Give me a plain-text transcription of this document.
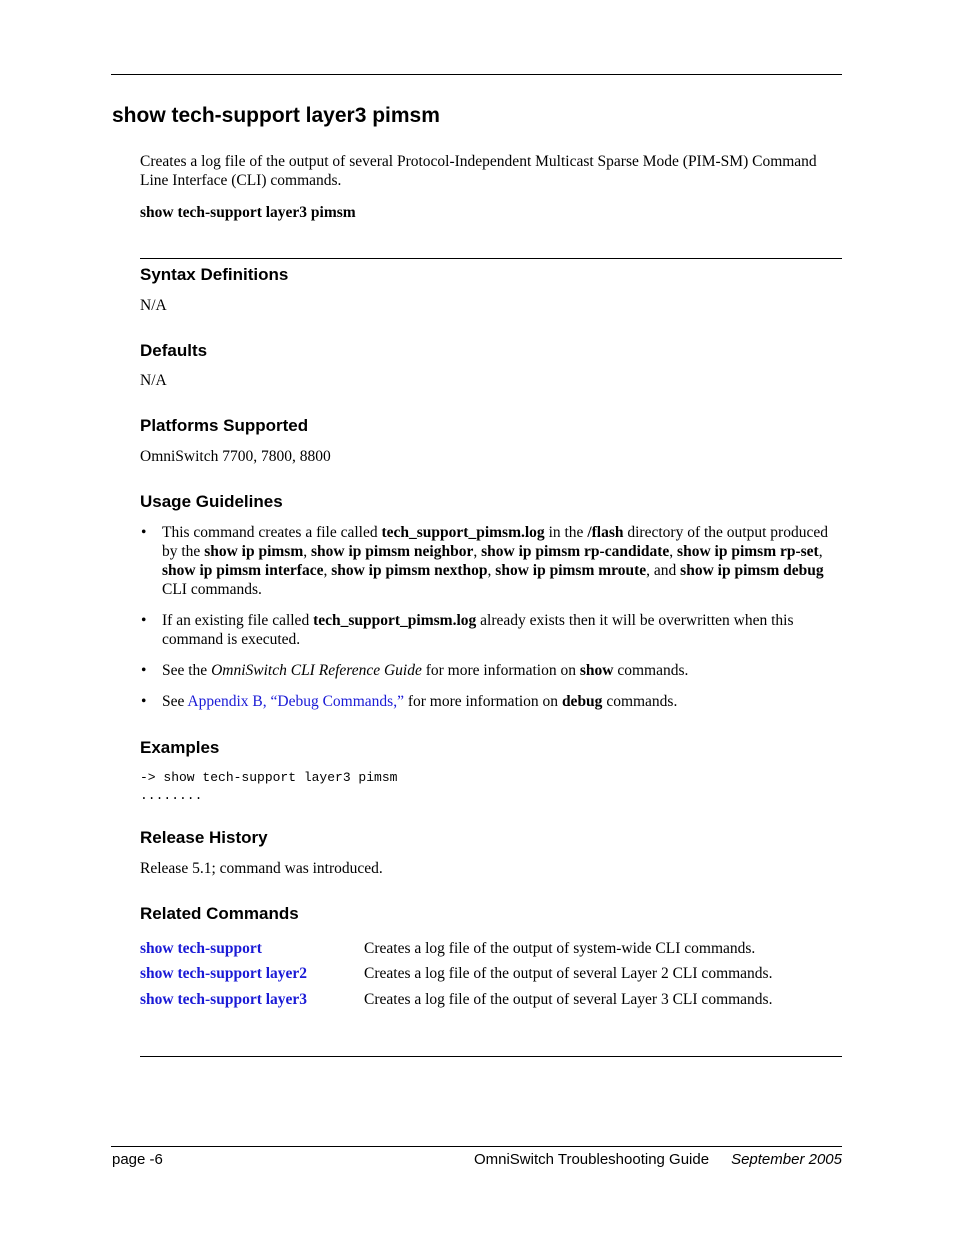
show tech-support layer3 pimsm
Creates a log file of the output of several Protocol-Independent Multicast Sparse Mode (PIM-SM) Command Line Interface (CLI) commands.
show tech-support layer3 pimsm
Syntax Definitions
N/A
Defaults
N/A
Platforms Supported
OmniSwitch 7700, 7800, 8800
Usage Guidelines
• This command creates a file called tech_support_pimsm.log in the /flash directory of the output produced by the show ip pimsm, show ip pimsm neighbor, show ip pimsm rp-candidate, show ip pimsm rp-set, show ip pimsm interface, show ip pimsm nexthop, show ip pimsm mroute, and show ip pimsm debug CLI commands.
• If an existing file called tech_support_pimsm.log already exists then it will be overwritten when this command is executed.
• See the OmniSwitch CLI Reference Guide for more information on show commands.
• See Appendix B, “Debug Commands,” for more information on debug commands.
Examples
-> show tech-support layer3 pimsm
........
Release History
Release 5.1; command was introduced.
Related Commands
show tech-support	Creates a log file of the output of system-wide CLI commands.
show tech-support layer2	Creates a log file of the output of several Layer 2 CLI commands.
show tech-support layer3	Creates a log file of the output of several Layer 3 CLI commands.
page -6	OmniSwitch Troubleshooting Guide September 2005
